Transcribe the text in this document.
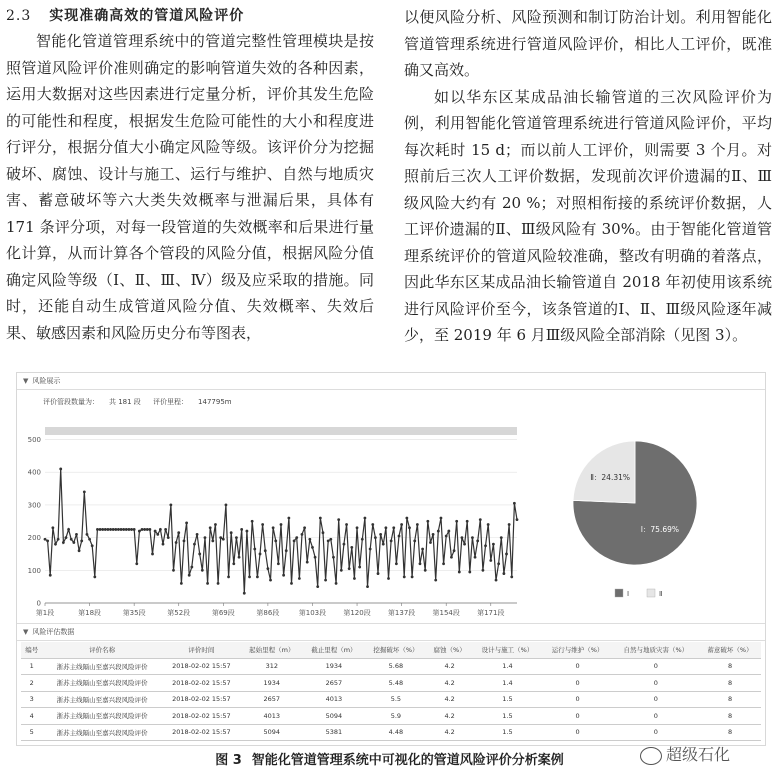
2.3 实现准确高效的管道风险评价

智能化管道管理系统中的管道完整性管理模块是按照管道风险评价准则确定的影响管道失效的各种因素，运用大数据对这些因素进行定量分析，评价其发生危险的可能性和程度，根据发生危险可能性的大小和程度进行评分，根据分值大小确定风险等级。该评价分为挖掘破坏、腐蚀、设计与施工、运行与维护、自然与地质灾害、蓄意破坏等六大类失效概率与泄漏后果，具体有 171 条评分项，对每一段管道的失效概率和后果进行量化计算，从而计算各个管段的风险分值，根据风险分值确定风险等级（Ⅰ、Ⅱ、Ⅲ、Ⅳ）级及应采取的措施。同时，还能自动生成管道风险分值、失效概率、失效后果、敏感因素和风险历史分布等图表，

以便风险分析、风险预测和制订防治计划。利用智能化管道管理系统进行管道风险评价，相比人工评价，既准确又高效。

如以华东区某成品油长输管道的三次风险评价为例，利用智能化管道管理系统进行管道风险评价，平均每次耗时 15 d；而以前人工评价，则需要 3 个月。对照前后三次人工评价数据，发现前次评价遗漏的Ⅱ、Ⅲ级风险大约有 20 %；对照相衔接的系统评价数据，人工评价遗漏的Ⅱ、Ⅲ级风险有 30%。由于智能化管道管理系统评价的管道风险较准确，整改有明确的着落点，因此华东区某成品油长输管道自 2018 年初使用该系统进行风险评价至今，该条管道的Ⅰ、Ⅱ、Ⅲ级风险逐年减少，至 2019 年 6 月Ⅲ级风险全部消除（见图 3）。

▼ 风险展示
评价管段数量为： 共 181 段 评价里程： 147795m
0
100
200
300
400
500
第1段	第18段	第35段	第52段	第69段	第86段	第103段 第120段 第137段 第154段 第171段
Ⅰ：75.69%
Ⅱ：24.31%
Ⅰ	Ⅱ
▼ 风险评估数据
编号	评价名称	评价时间	起始里程（m）	截止里程（m）	挖掘破坏（%）	腐蚀（%）	设计与施工（%）	运行与维护（%）	自然与地质灾害（%）	蓄意破坏（%）
1	浙苏主线隔山至嘉兴段风险评价	2018-02-02 15:57	312	1934	5.68	4.2	1.4	0	0	8
2	浙苏主线隔山至嘉兴段风险评价	2018-02-02 15:57	1934	2657	5.48	4.2	1.4	0	0	8
3	浙苏主线隔山至嘉兴段风险评价	2018-02-02 15:57	2657	4013	5.5	4.2	1.5	0	0	8
4	浙苏主线隔山至嘉兴段风险评价	2018-02-02 15:57	4013	5094	5.9	4.2	1.5	0	0	8
5	浙苏主线隔山至嘉兴段风险评价	2018-02-02 15:57	5094	5381	4.48	4.2	1.5	0	0	8
图 3 智能化管道管理系统中可视化的管道风险评价分析案例	超级石化
